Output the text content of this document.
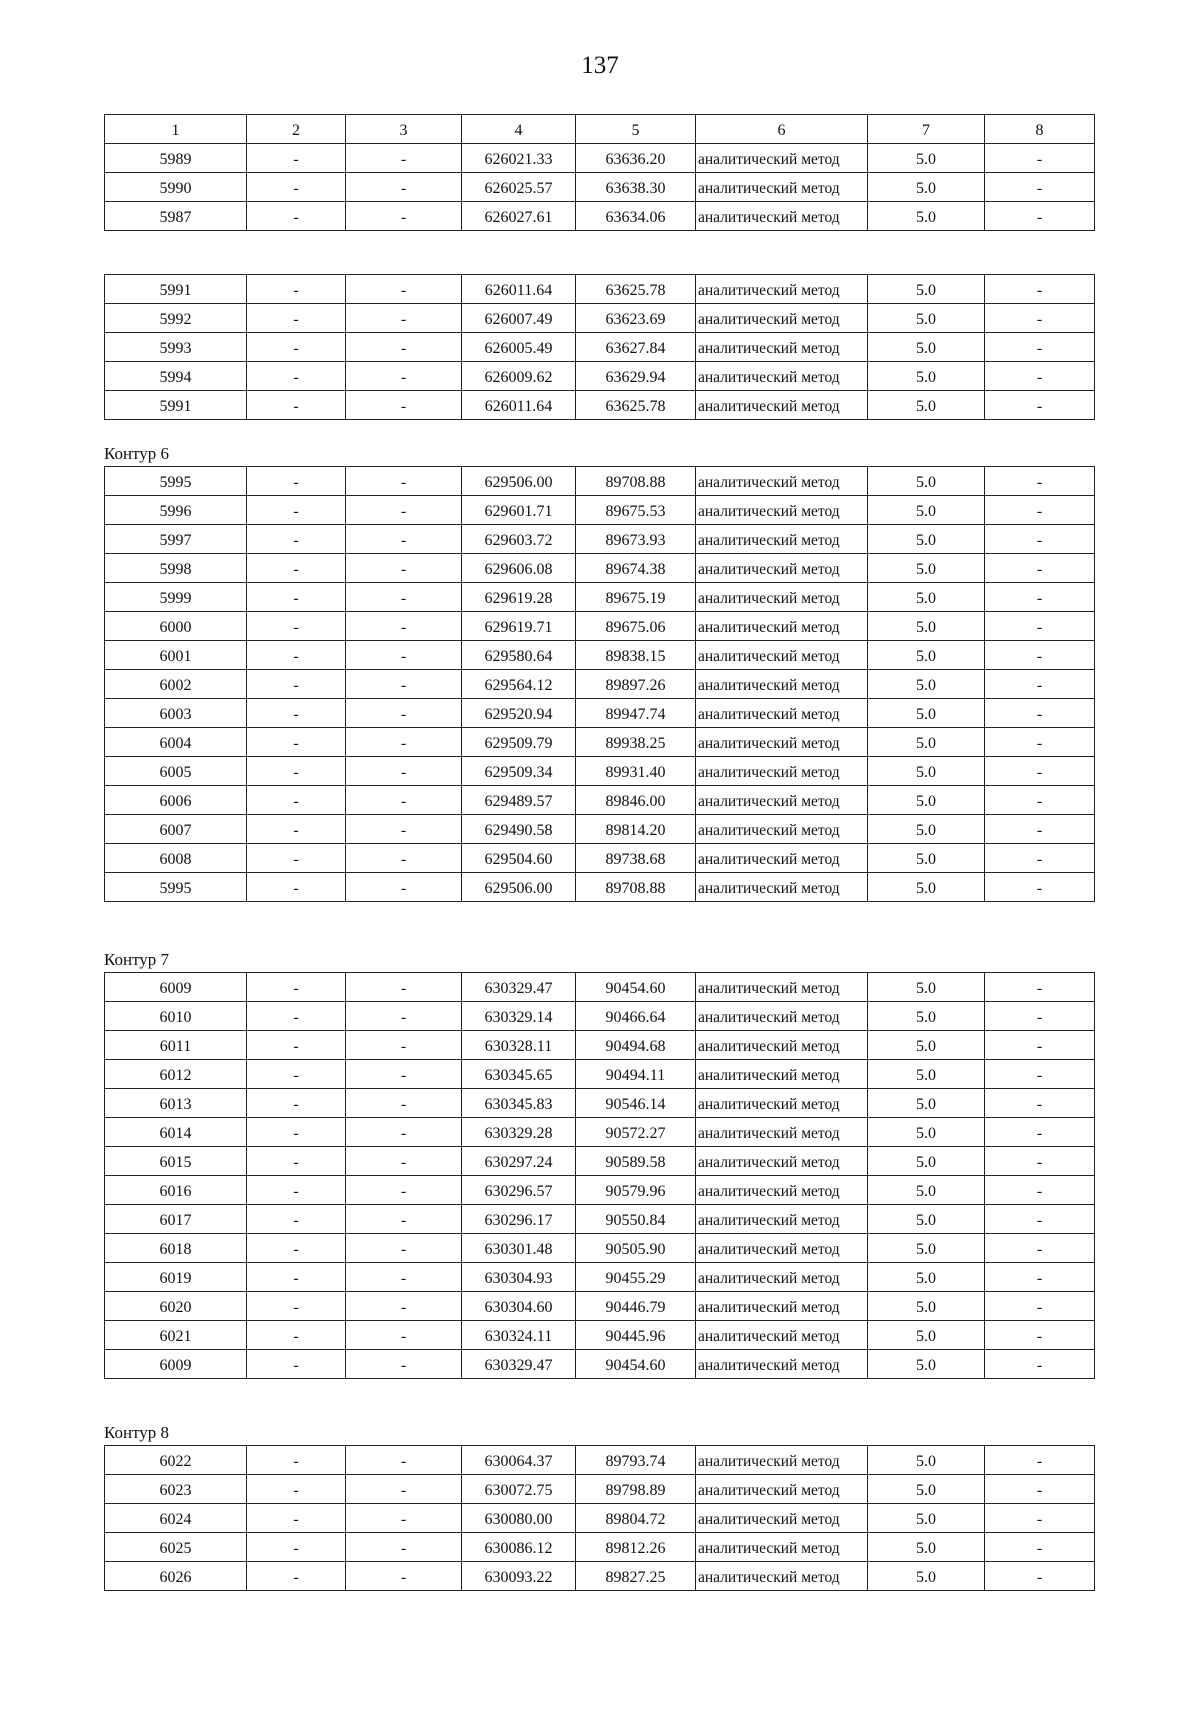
137
1	2	3	4	5	6	7	8
5989	-	-	626021.33	63636.20	аналитический метод	5.0	-
5990	-	-	626025.57	63638.30	аналитический метод	5.0	-
5987	-	-	626027.61	63634.06	аналитический метод	5.0	-
5991	-	-	626011.64	63625.78	аналитический метод	5.0	-
5992	-	-	626007.49	63623.69	аналитический метод	5.0	-
5993	-	-	626005.49	63627.84	аналитический метод	5.0	-
5994	-	-	626009.62	63629.94	аналитический метод	5.0	-
5991	-	-	626011.64	63625.78	аналитический метод	5.0	-
Контур 6
5995	-	-	629506.00	89708.88	аналитический метод	5.0	-
5996	-	-	629601.71	89675.53	аналитический метод	5.0	-
5997	-	-	629603.72	89673.93	аналитический метод	5.0	-
5998	-	-	629606.08	89674.38	аналитический метод	5.0	-
5999	-	-	629619.28	89675.19	аналитический метод	5.0	-
6000	-	-	629619.71	89675.06	аналитический метод	5.0	-
6001	-	-	629580.64	89838.15	аналитический метод	5.0	-
6002	-	-	629564.12	89897.26	аналитический метод	5.0	-
6003	-	-	629520.94	89947.74	аналитический метод	5.0	-
6004	-	-	629509.79	89938.25	аналитический метод	5.0	-
6005	-	-	629509.34	89931.40	аналитический метод	5.0	-
6006	-	-	629489.57	89846.00	аналитический метод	5.0	-
6007	-	-	629490.58	89814.20	аналитический метод	5.0	-
6008	-	-	629504.60	89738.68	аналитический метод	5.0	-
5995	-	-	629506.00	89708.88	аналитический метод	5.0	-
Контур 7
6009	-	-	630329.47	90454.60	аналитический метод	5.0	-
6010	-	-	630329.14	90466.64	аналитический метод	5.0	-
6011	-	-	630328.11	90494.68	аналитический метод	5.0	-
6012	-	-	630345.65	90494.11	аналитический метод	5.0	-
6013	-	-	630345.83	90546.14	аналитический метод	5.0	-
6014	-	-	630329.28	90572.27	аналитический метод	5.0	-
6015	-	-	630297.24	90589.58	аналитический метод	5.0	-
6016	-	-	630296.57	90579.96	аналитический метод	5.0	-
6017	-	-	630296.17	90550.84	аналитический метод	5.0	-
6018	-	-	630301.48	90505.90	аналитический метод	5.0	-
6019	-	-	630304.93	90455.29	аналитический метод	5.0	-
6020	-	-	630304.60	90446.79	аналитический метод	5.0	-
6021	-	-	630324.11	90445.96	аналитический метод	5.0	-
6009	-	-	630329.47	90454.60	аналитический метод	5.0	-
Контур 8
6022	-	-	630064.37	89793.74	аналитический метод	5.0	-
6023	-	-	630072.75	89798.89	аналитический метод	5.0	-
6024	-	-	630080.00	89804.72	аналитический метод	5.0	-
6025	-	-	630086.12	89812.26	аналитический метод	5.0	-
6026	-	-	630093.22	89827.25	аналитический метод	5.0	-
